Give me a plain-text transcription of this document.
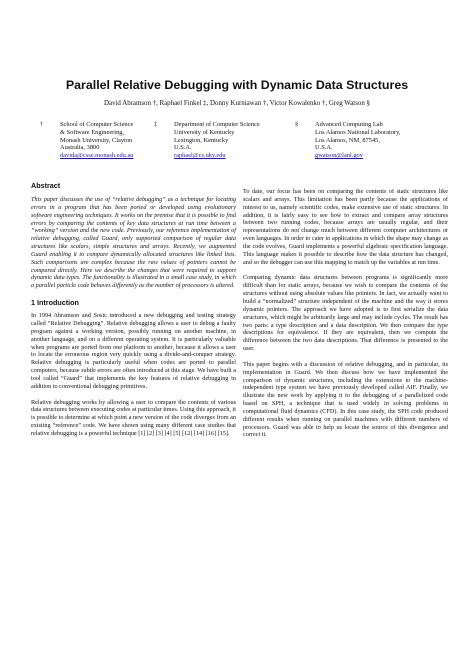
Parallel Relative Debugging with Dynamic Data Structures
David Abramson †, Raphael Finkel ‡, Donny Kurniawan †, Victor Kowalenko †, Greg Watson §
†	School of Computer Science
& Software Engineering,
Monash University, Clayton
Australia, 3800
davida@csse.monash.edu.au
‡	Department of Computer Science
University of Kentucky
Lexington, Kentucky
U.S.A.
raphael@cs.uky.edu
§	Advanced Computing Lab
Los Alamos National Laboratory,
Los Alamos, NM, 87545,
U.S.A.
gwatson@lanl.gov
Abstract

This paper discusses the use of “relative debugging” as a technique for locating errors in a program that has been ported or developed using evolutionary software engineering techniques. It works on the premise that it is possible to find errors by comparing the contents of key data structures at run time between a “working” version and the new code. Previously, our reference implementation of relative debugging, called Guard, only supported comparison of regular data structures like scalars, simple structures and arrays. Recently, we augmented Guard enabling it to compare dynamically allocated structures like linked lists. Such comparisons are complex because the raw values of pointers cannot be compared directly. Here we describe the changes that were required to support dynamic data types. The functionality is illustrated in a small case study, in which a parallel particle code behaves differently as the number of processors is altered.

1 Introduction

In 1994 Abramson and Sosic introduced a new debugging and testing strategy called “Relative Debugging”. Relative debugging allows a user to debug a faulty program against a working version, possibly running on another machine, in another language, and on a different operating system. It is particularly valuable when programs are ported from one platform to another, because it allows a user to locate the erroneous region very quickly using a divide-and-conquer strategy. Relative debugging is particularly useful when codes are ported to parallel computers, because subtle errors are often introduced at this stage. We have built a tool called “Guard” that implements the key features of relative debugging in addition to conventional debugging primitives.

Relative debugging works by allowing a user to compare the contents of various data structures between executing codes at particular times. Using this approach, it is possible to determine at which point a new version of the code diverges from an existing “reference” code. We have shown using many different case studies that relative debugging is a powerful technique [1] [2] [3] [4] [5] [12] [14] [16] [15].

To date, our focus has been on comparing the contents of static structures like scalars and arrays. This limitation has been partly because the applications of interest to us, namely scientific codes, make extensive use of static structures. In addition, it is fairly easy to see how to extract and compare array structures between two running codes, because arrays are usually regular, and their representations do not change much between different computer architectures or even languages. In order to cater to applications in which the shape may change as the code evolves, Guard implements a powerful algebraic specification language. This language makes it possible to describe how the data structure has changed, and so the debugger can use this mapping to match up the variables at run time.

Comparing dynamic data structures between programs is significantly more difficult than for static arrays, because we wish to compare the contents of the structures without using absolute values like pointers. In fact, we actually want to build a “normalized” structure independent of the machine and the way it stores dynamic pointers. The approach we have adopted is to first serialize the data structures, which might be arbitrarily large and may include cycles. The result has two parts: a type description and a data description. We then compare the type descriptions for equivalence. If they are equivalent, then we compute the difference between the two data descriptions. That difference is presented to the user.

This paper begins with a discussion of relative debugging, and in particular, its implementation in Guard. We then discuss how we have implemented the comparison of dynamic structures, including the extensions to the machine-independent type system we have previously developed called AIF. Finally, we illustrate the new work by applying it to the debugging of a parallelized code based on SPH, a technique that is used widely in solving problems in computational fluid dynamics (CFD). In this case study, the SPH code produced different results when running on parallel machines with different numbers of processors. Guard was able to help us locate the source of this divergence and correct it.
